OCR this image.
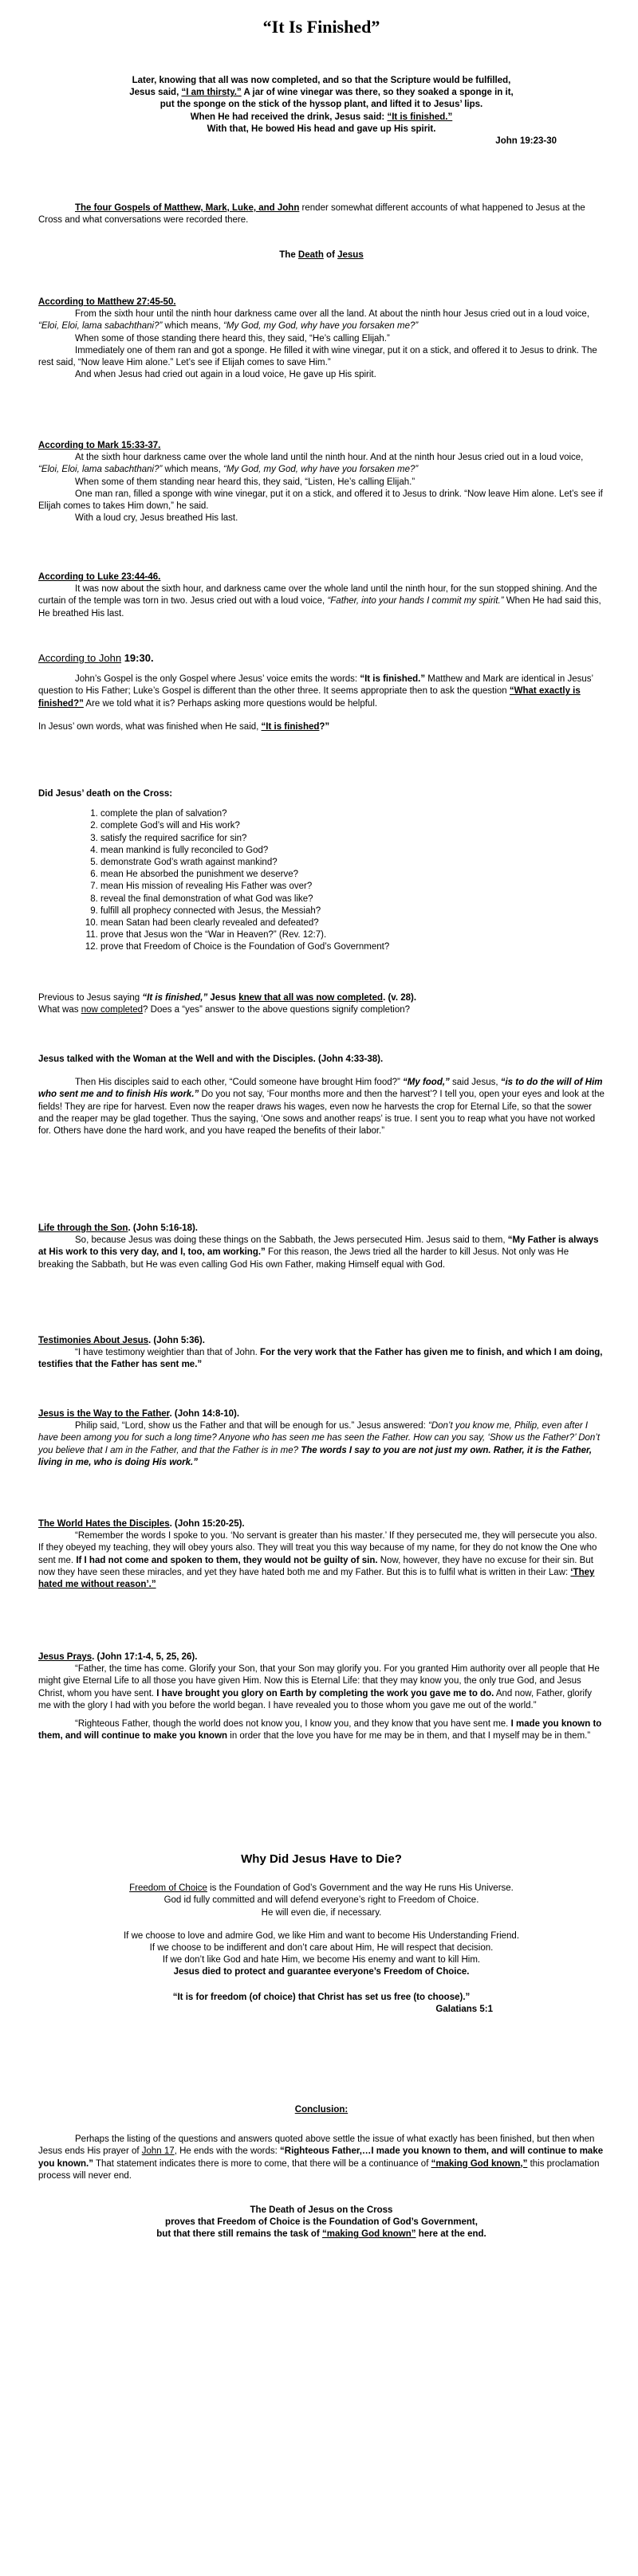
“It Is Finished”

Later, knowing that all was now completed, and so that the Scripture would be fulfilled,

Jesus said, “I am thirsty.” A jar of wine vinegar was there, so they soaked a sponge in it,

put the sponge on the stick of the hyssop plant, and lifted it to Jesus’ lips.

When He had received the drink, Jesus said: “It is finished.”

With that, He bowed His head and gave up His spirit.

John 19:23-30

The four Gospels of Matthew, Mark, Luke, and John render somewhat different accounts of what happened to Jesus at the Cross and what conversations were recorded there.

The Death of Jesus

According to Matthew 27:45-50.

From the sixth hour until the ninth hour darkness came over all the land. At about the ninth hour Jesus cried out in a loud voice, “Eloi, Eloi, lama sabachthani?” which means, “My God, my God, why have you forsaken me?”

When some of those standing there heard this, they said, “He’s calling Elijah.”

Immediately one of them ran and got a sponge. He filled it with wine vinegar, put it on a stick, and offered it to Jesus to drink. The rest said, “Now leave Him alone.” Let’s see if Elijah comes to save Him.”

And when Jesus had cried out again in a loud voice, He gave up His spirit.

According to Mark 15:33-37.

At the sixth hour darkness came over the whole land until the ninth hour. And at the ninth hour Jesus cried out in a loud voice, “Eloi, Eloi, lama sabachthani?” which means, “My God, my God, why have you forsaken me?”

When some of them standing near heard this, they said, “Listen, He’s calling Elijah.”

One man ran, filled a sponge with wine vinegar, put it on a stick, and offered it to Jesus to drink. “Now leave Him alone. Let’s see if Elijah comes to takes Him down,” he said.

With a loud cry, Jesus breathed His last.

According to Luke 23:44-46.

It was now about the sixth hour, and darkness came over the whole land until the ninth hour, for the sun stopped shining. And the curtain of the temple was torn in two. Jesus cried out with a loud voice, “Father, into your hands I commit my spirit.” When He had said this, He breathed His last.

According to John 19:30.

John’s Gospel is the only Gospel where Jesus’ voice emits the words: “It is finished.” Matthew and Mark are identical in Jesus’ question to His Father; Luke’s Gospel is different than the other three. It seems appropriate then to ask the question “What exactly is finished?” Are we told what it is? Perhaps asking more questions would be helpful.

In Jesus’ own words, what was finished when He said, “It is finished?”

Did Jesus’ death on the Cross:

1. complete the plan of salvation?
2. complete God’s will and His work?
3. satisfy the required sacrifice for sin?
4. mean mankind is fully reconciled to God?
5. demonstrate God’s wrath against mankind?
6. mean He absorbed the punishment we deserve?
7. mean His mission of revealing His Father was over?
8. reveal the final demonstration of what God was like?
9. fulfill all prophecy connected with Jesus, the Messiah?
10. mean Satan had been clearly revealed and defeated?
11. prove that Jesus won the “War in Heaven?” (Rev. 12:7).
12. prove that Freedom of Choice is the Foundation of God’s Government?

Previous to Jesus saying “It is finished,” Jesus knew that all was now completed. (v. 28).

What was now completed? Does a “yes” answer to the above questions signify completion?

Jesus talked with the Woman at the Well and with the Disciples. (John 4:33-38).

Then His disciples said to each other, “Could someone have brought Him food?” “My food,” said Jesus, “is to do the will of Him who sent me and to finish His work.” Do you not say, ‘Four months more and then the harvest’? I tell you, open your eyes and look at the fields! They are ripe for harvest. Even now the reaper draws his wages, even now he harvests the crop for Eternal Life, so that the sower and the reaper may be glad together. Thus the saying, ‘One sows and another reaps’ is true. I sent you to reap what you have not worked for. Others have done the hard work, and you have reaped the benefits of their labor.”

Life through the Son. (John 5:16-18).

So, because Jesus was doing these things on the Sabbath, the Jews persecuted Him. Jesus said to them, “My Father is always at His work to this very day, and I, too, am working.” For this reason, the Jews tried all the harder to kill Jesus. Not only was He breaking the Sabbath, but He was even calling God His own Father, making Himself equal with God.

Testimonies About Jesus. (John 5:36).

“I have testimony weightier than that of John. For the very work that the Father has given me to finish, and which I am doing, testifies that the Father has sent me.”

Jesus is the Way to the Father. (John 14:8-10).

Philip said, “Lord, show us the Father and that will be enough for us.” Jesus answered: “Don’t you know me, Philip, even after I have been among you for such a long time? Anyone who has seen me has seen the Father. How can you say, ‘Show us the Father?’ Don’t you believe that I am in the Father, and that the Father is in me? The words I say to you are not just my own. Rather, it is the Father, living in me, who is doing His work.”

The World Hates the Disciples. (John 15:20-25).

“Remember the words I spoke to you. ‘No servant is greater than his master.’ If they persecuted me, they will persecute you also. If they obeyed my teaching, they will obey yours also. They will treat you this way because of my name, for they do not know the One who sent me. If I had not come and spoken to them, they would not be guilty of sin. Now, however, they have no excuse for their sin. But now they have seen these miracles, and yet they have hated both me and my Father. But this is to fulfil what is written in their Law: ‘They hated me without reason’.”

Jesus Prays. (John 17:1-4, 5, 25, 26).

“Father, the time has come. Glorify your Son, that your Son may glorify you. For you granted Him authority over all people that He might give Eternal Life to all those you have given Him. Now this is Eternal Life: that they may know you, the only true God, and Jesus Christ, whom you have sent. I have brought you glory on Earth by completing the work you gave me to do. And now, Father, glorify me with the glory I had with you before the world began. I have revealed you to those whom you gave me out of the world.”

“Righteous Father, though the world does not know you, I know you, and they know that you have sent me. I made you known to them, and will continue to make you known in order that the love you have for me may be in them, and that I myself may be in them.”

Why Did Jesus Have to Die?

Freedom of Choice is the Foundation of God’s Government and the way He runs His Universe.

God id fully committed and will defend everyone’s right to Freedom of Choice.

He will even die, if necessary.

If we choose to love and admire God, we like Him and want to become His Understanding Friend.

If we choose to be indifferent and don’t care about Him, He will respect that decision.

If we don’t like God and hate Him, we become His enemy and want to kill Him.

Jesus died to protect and guarantee everyone’s Freedom of Choice.

“It is for freedom (of choice) that Christ has set us free (to choose).”

Galatians 5:1

Conclusion:

Perhaps the listing of the questions and answers quoted above settle the issue of what exactly has been finished, but then when Jesus ends His prayer of John 17, He ends with the words: “Righteous Father,…I made you known to them, and will continue to make you known.” That statement indicates there is more to come, that there will be a continuance of “making God known,” this proclamation process will never end.

The Death of Jesus on the Cross

proves that Freedom of Choice is the Foundation of God’s Government,

but that there still remains the task of “making God known” here at the end.
